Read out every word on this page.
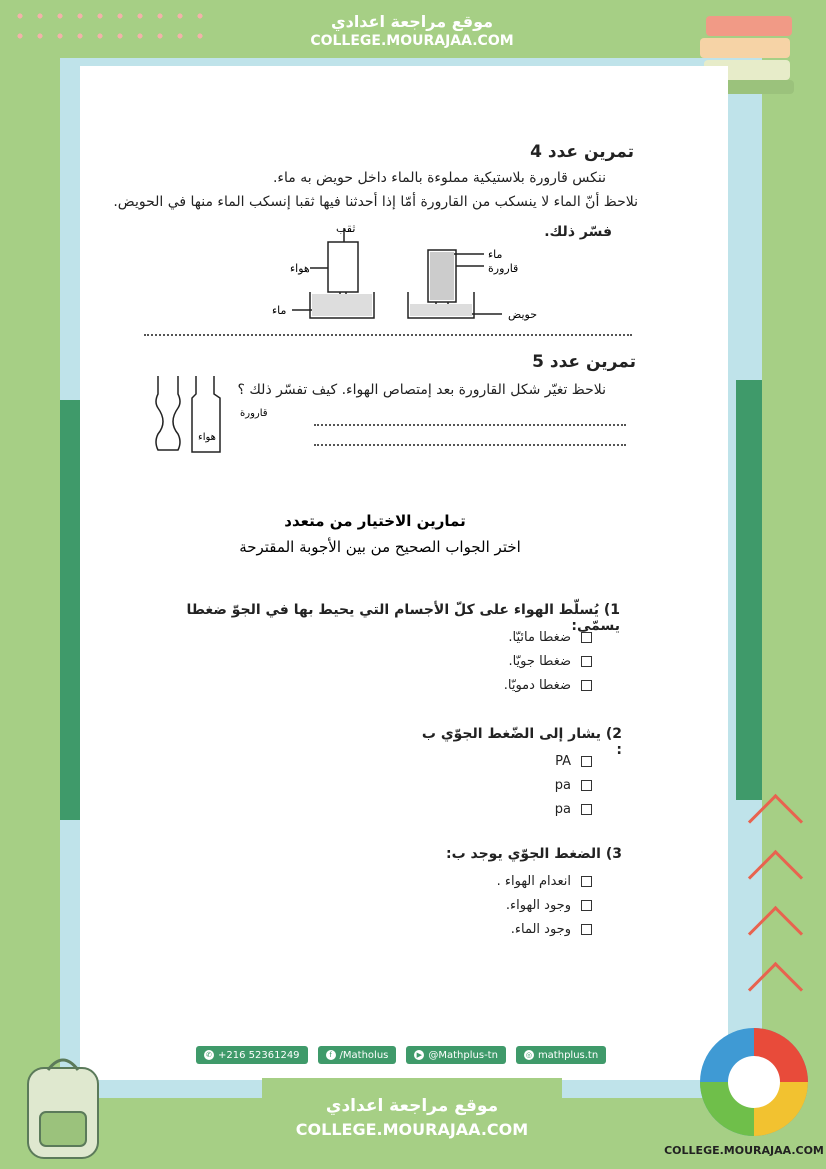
موقع مراجعة اعدادي
COLLEGE.MOURAJAA.COM
تمرين عدد 4
ننكس قارورة بلاستيكية مملوءة بالماء داخل حويض به ماء.
نلاحظ أنّ الماء لا ينسكب من القارورة أمّا إذا أحدثنا فيها ثقبا إنسكب الماء منها في الحويض.
فسّر ذلك.
ثقب
هواء
ماء
ماء
قارورة
حويض
تمرين عدد 5
نلاحظ تغيّر شكل القارورة بعد إمتصاص الهواء. كيف تفسّر ذلك ؟
قارورة
هواء
تمارين الاختيار من متعدد
اختر الجواب الصحيح من بين الأجوبة المقترحة
1) يُسلّط الهواء على كلّ الأجسام التي يحيط بها في الجوّ ضغطا يسمّى:
ضغطا مائيّا.
ضغطا جويّا.
ضغطا دمويّا.
2) يشار إلى الضّغط الجوّي ب :
PA
pa
pa
3) الضغط الجوّي يوجد ب:
انعدام الهواء .
وجود الهواء.
وجود الماء.
✆ +216 52361249	f /Matholus	▶ @Mathplus-tn	◎ mathplus.tn
COLLEGE.MOURAJAA.COM
موقع مراجعة اعدادي
COLLEGE.MOURAJAA.COM
